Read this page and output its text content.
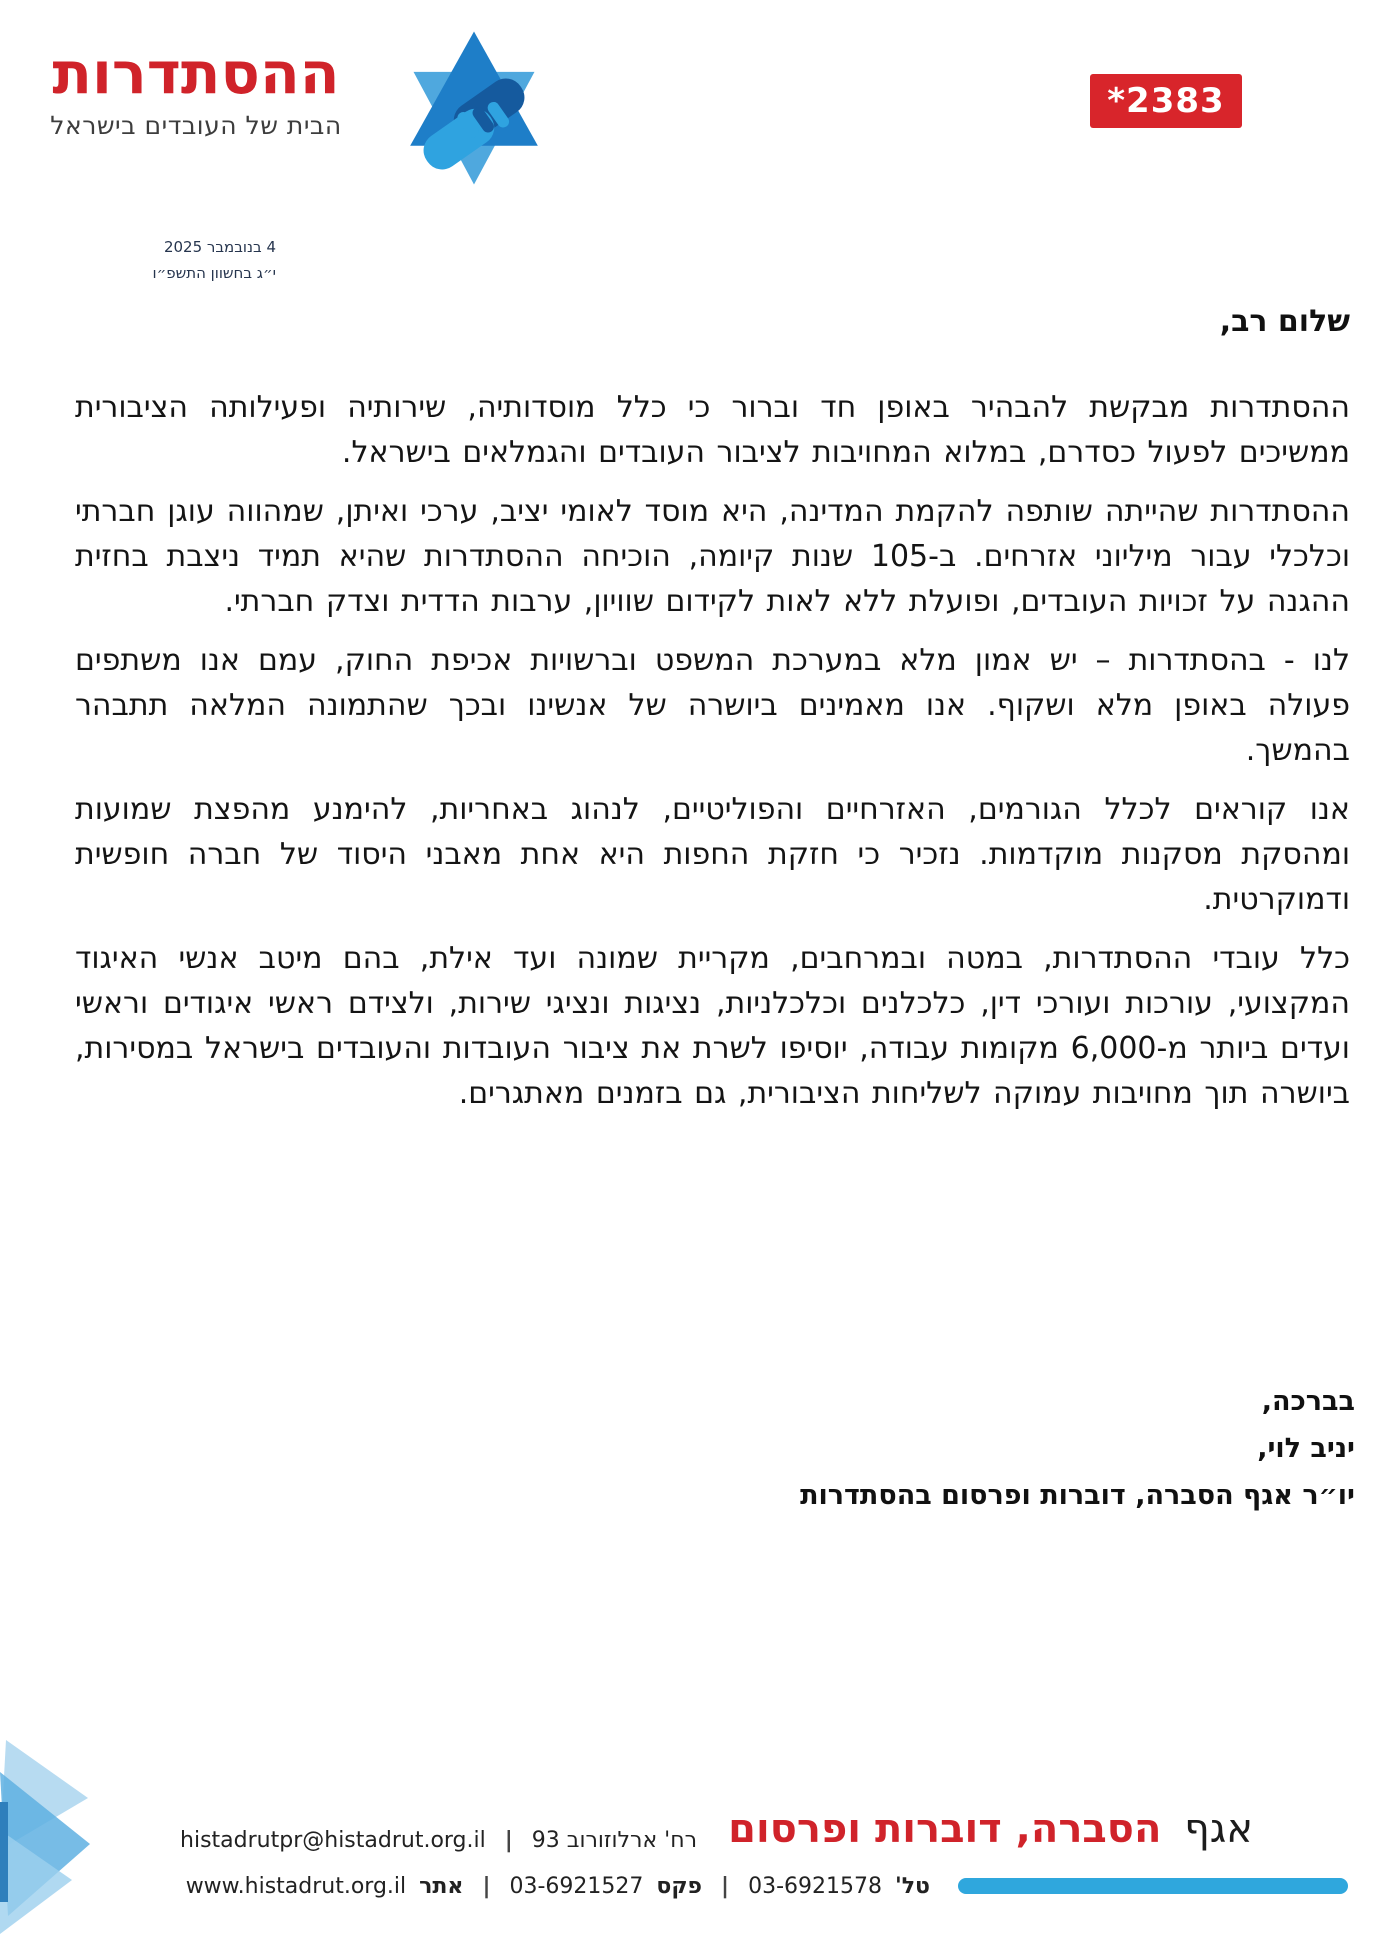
ההסתדרות
הבית של העובדים בישראל
*2383
4 בנובמבר 2025
י״ג בחשוון התשפ״ו

שלום רב,

ההסתדרות מבקשת להבהיר באופן חד וברור כי כלל מוסדותיה, שירותיה ופעילותה הציבורית ממשיכים לפעול כסדרם, במלוא המחויבות לציבור העובדים והגמלאים בישראל.

ההסתדרות שהייתה שותפה להקמת המדינה, היא מוסד לאומי יציב, ערכי ואיתן, שמהווה עוגן חברתי וכלכלי עבור מיליוני אזרחים. ב-105 שנות קיומה, הוכיחה ההסתדרות שהיא תמיד ניצבת בחזית ההגנה על זכויות העובדים, ופועלת ללא לאות לקידום שוויון, ערבות הדדית וצדק חברתי.

לנו - בהסתדרות – יש אמון מלא במערכת המשפט וברשויות אכיפת החוק, עמם אנו משתפים פעולה באופן מלא ושקוף. אנו מאמינים ביושרה של אנשינו ובכך שהתמונה המלאה תתבהר בהמשך.

אנו קוראים לכלל הגורמים, האזרחיים והפוליטיים, לנהוג באחריות, להימנע מהפצת שמועות ומהסקת מסקנות מוקדמות. נזכיר כי חזקת החפות היא אחת מאבני היסוד של חברה חופשית ודמוקרטית.

כלל עובדי ההסתדרות, במטה ובמרחבים, מקריית שמונה ועד אילת, בהם מיטב אנשי האיגוד המקצועי, עורכות ועורכי דין, כלכלנים וכלכלניות, נציגות ונציגי שירות, ולצידם ראשי איגודים וראשי ועדים ביותר מ-6,000 מקומות עבודה, יוסיפו לשרת את ציבור העובדות והעובדים בישראל במסירות, ביושרה תוך מחויבות עמוקה לשליחות הציבורית, גם בזמנים מאתגרים.

בברכה,
יניב לוי,
יו״ר אגף הסברה, דוברות ופרסום בהסתדרות
אגף הסברה, דוברות ופרסום
רח' ארלוזורוב 93 | histadrutpr@histadrut.org.il
טל' 03-6921578 | פקס 03-6921527 | אתר www.histadrut.org.il
